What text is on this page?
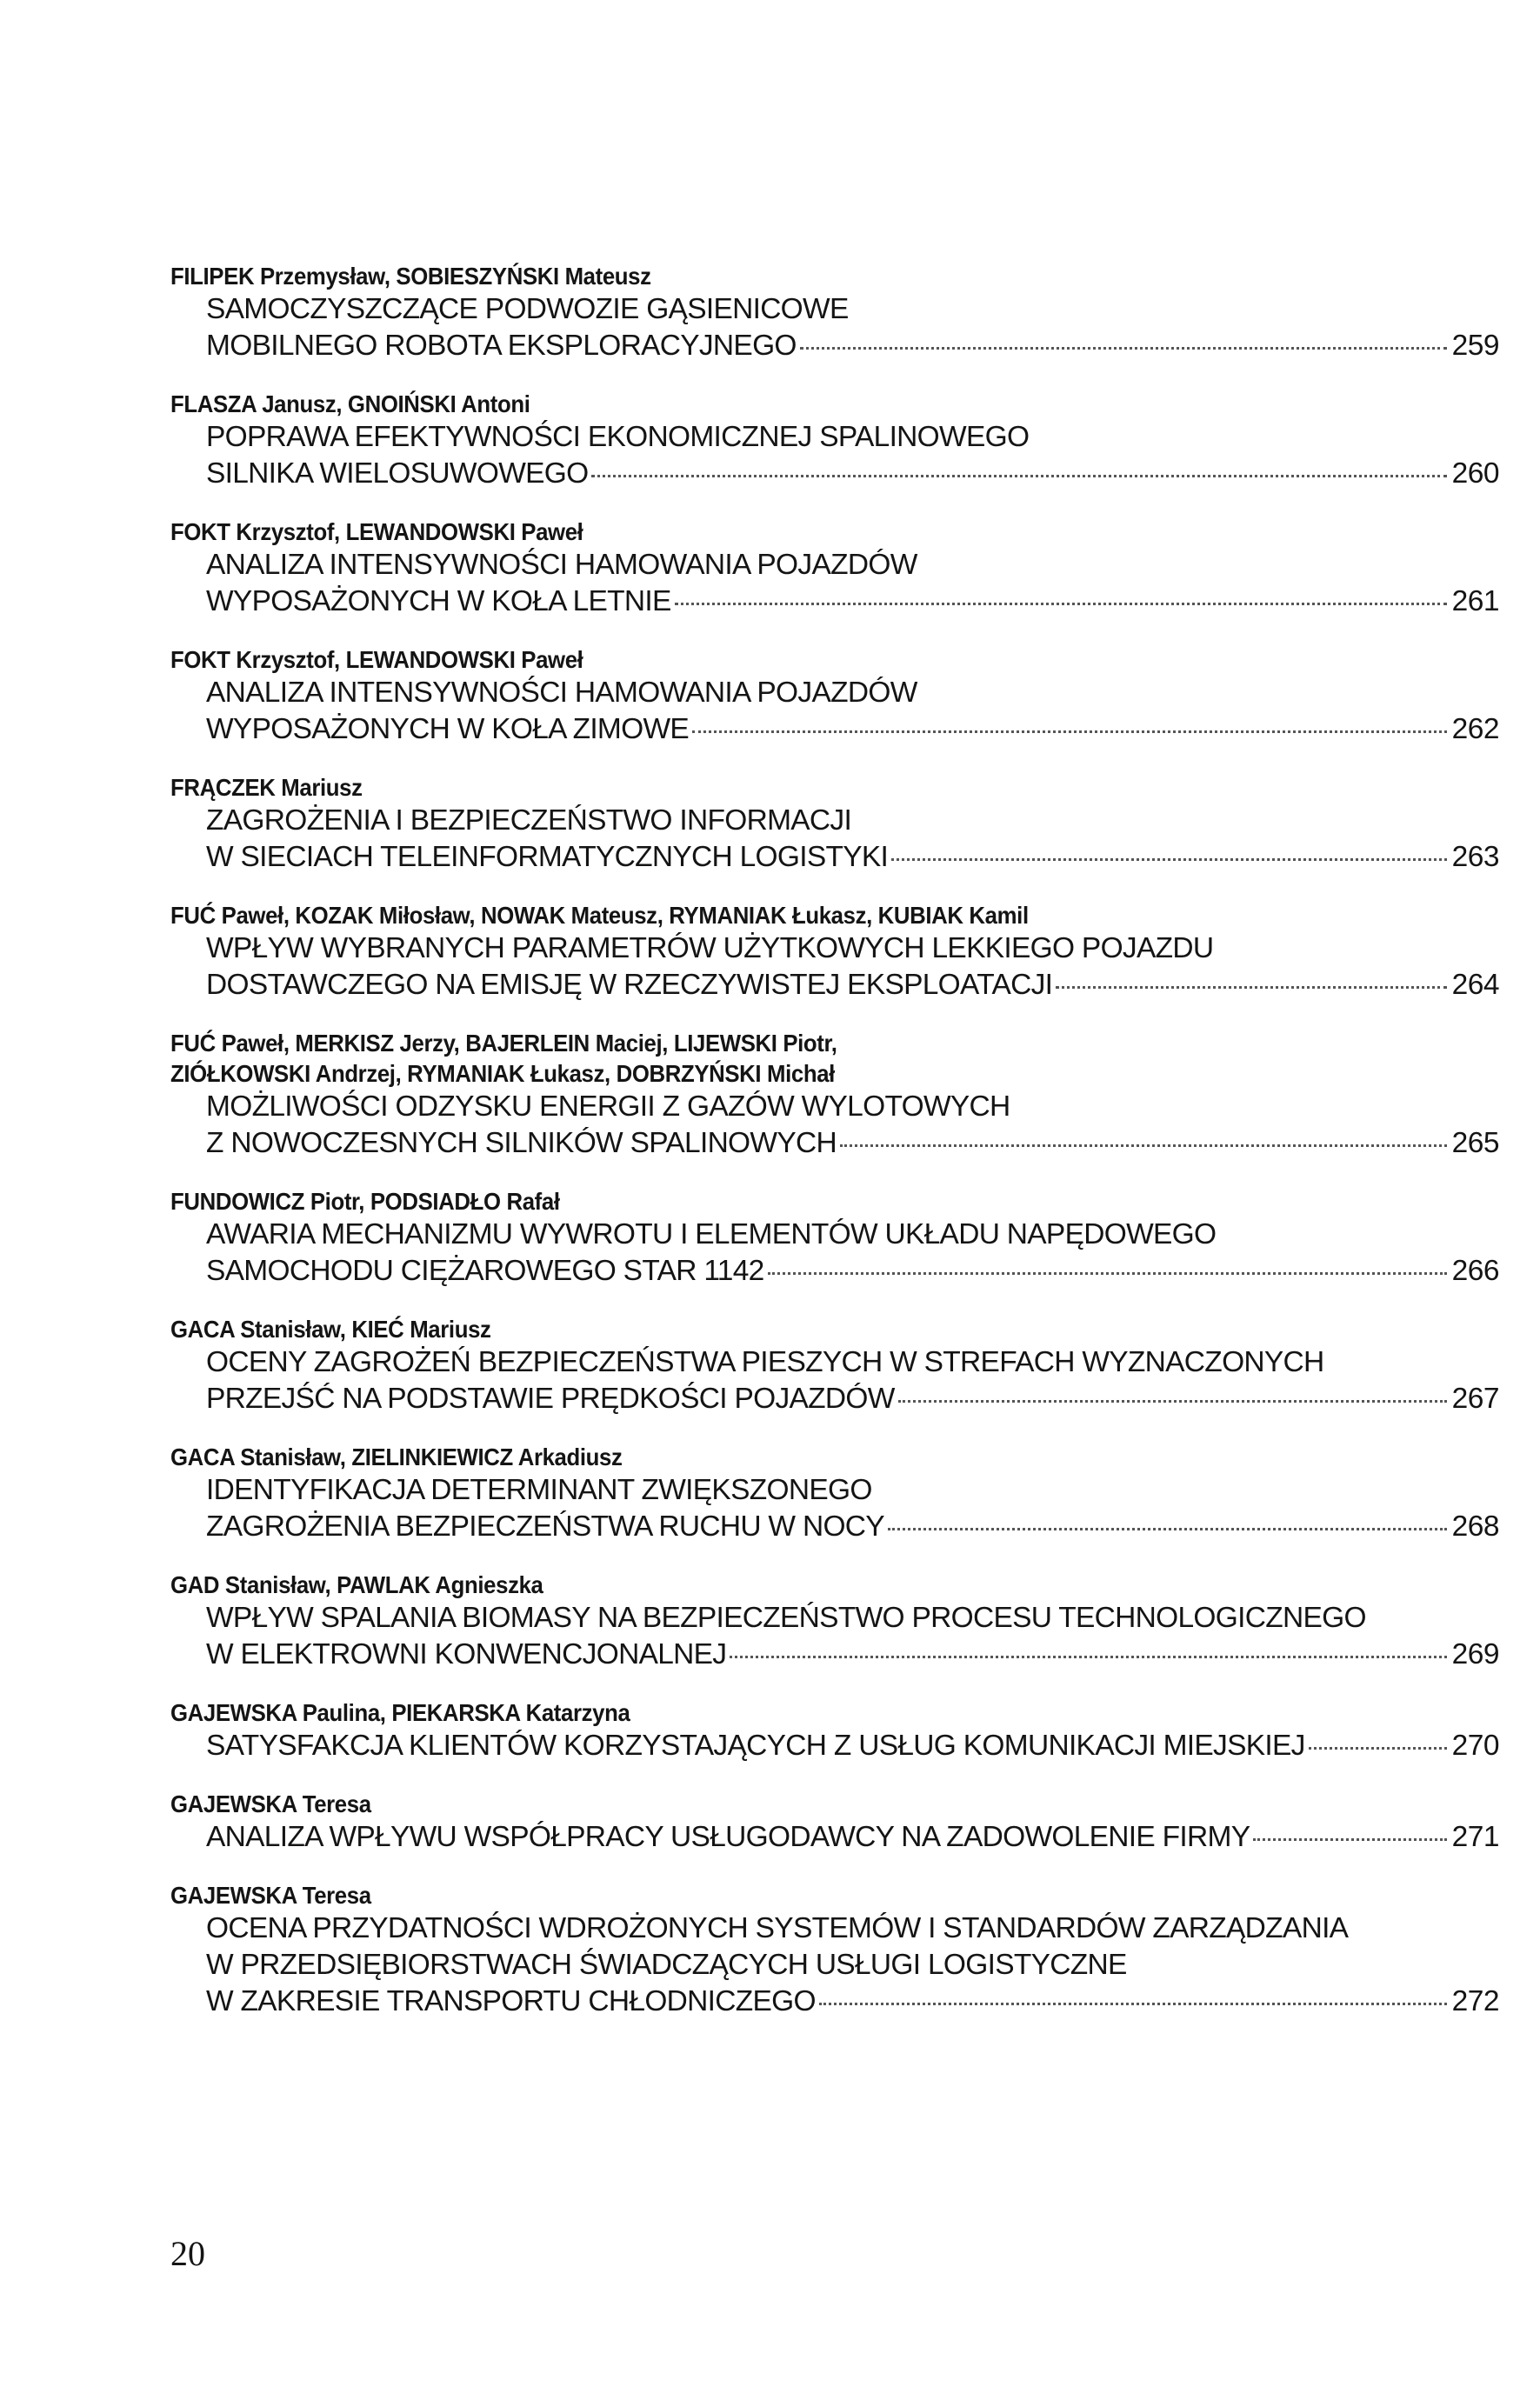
FILIPEK Przemysław, SOBIESZYŃSKI Mateusz
SAMOCZYSZCZĄCE PODWOZIE GĄSIENICOWE
MOBILNEGO ROBOTA EKSPLORACYJNEGO	259
FLASZA Janusz, GNOIŃSKI Antoni
POPRAWA EFEKTYWNOŚCI EKONOMICZNEJ SPALINOWEGO
SILNIKA WIELOSUWOWEGO	260
FOKT Krzysztof, LEWANDOWSKI Paweł
ANALIZA INTENSYWNOŚCI HAMOWANIA POJAZDÓW
WYPOSAŻONYCH W KOŁA LETNIE	261
FOKT Krzysztof, LEWANDOWSKI Paweł
ANALIZA INTENSYWNOŚCI HAMOWANIA POJAZDÓW
WYPOSAŻONYCH W KOŁA ZIMOWE	262
FRĄCZEK Mariusz
ZAGROŻENIA I BEZPIECZEŃSTWO INFORMACJI
W SIECIACH TELEINFORMATYCZNYCH LOGISTYKI	263
FUĆ Paweł, KOZAK Miłosław, NOWAK Mateusz, RYMANIAK Łukasz, KUBIAK Kamil
WPŁYW WYBRANYCH PARAMETRÓW UŻYTKOWYCH LEKKIEGO POJAZDU
DOSTAWCZEGO NA EMISJĘ W RZECZYWISTEJ EKSPLOATACJI	264
FUĆ Paweł, MERKISZ Jerzy, BAJERLEIN Maciej, LIJEWSKI Piotr,
ZIÓŁKOWSKI Andrzej, RYMANIAK Łukasz, DOBRZYŃSKI Michał
MOŻLIWOŚCI ODZYSKU ENERGII Z GAZÓW WYLOTOWYCH
Z NOWOCZESNYCH SILNIKÓW SPALINOWYCH	265
FUNDOWICZ Piotr, PODSIADŁO Rafał
AWARIA MECHANIZMU WYWROTU I ELEMENTÓW UKŁADU NAPĘDOWEGO
SAMOCHODU CIĘŻAROWEGO STAR 1142	266
GACA Stanisław, KIEĆ Mariusz
OCENY ZAGROŻEŃ BEZPIECZEŃSTWA PIESZYCH W STREFACH WYZNACZONYCH
PRZEJŚĆ NA PODSTAWIE PRĘDKOŚCI POJAZDÓW	267
GACA Stanisław, ZIELINKIEWICZ Arkadiusz
IDENTYFIKACJA DETERMINANT ZWIĘKSZONEGO
ZAGROŻENIA BEZPIECZEŃSTWA RUCHU W NOCY	268
GAD Stanisław, PAWLAK Agnieszka
WPŁYW SPALANIA BIOMASY NA BEZPIECZEŃSTWO PROCESU TECHNOLOGICZNEGO
W ELEKTROWNI KONWENCJONALNEJ	269
GAJEWSKA Paulina, PIEKARSKA Katarzyna
SATYSFAKCJA KLIENTÓW KORZYSTAJĄCYCH Z USŁUG KOMUNIKACJI MIEJSKIEJ	270
GAJEWSKA Teresa
ANALIZA WPŁYWU WSPÓŁPRACY USŁUGODAWCY NA ZADOWOLENIE FIRMY	271
GAJEWSKA Teresa
OCENA PRZYDATNOŚCI WDROŻONYCH SYSTEMÓW I STANDARDÓW ZARZĄDZANIA
W PRZEDSIĘBIORSTWACH ŚWIADCZĄCYCH USŁUGI LOGISTYCZNE
W ZAKRESIE TRANSPORTU CHŁODNICZEGO	272
20
